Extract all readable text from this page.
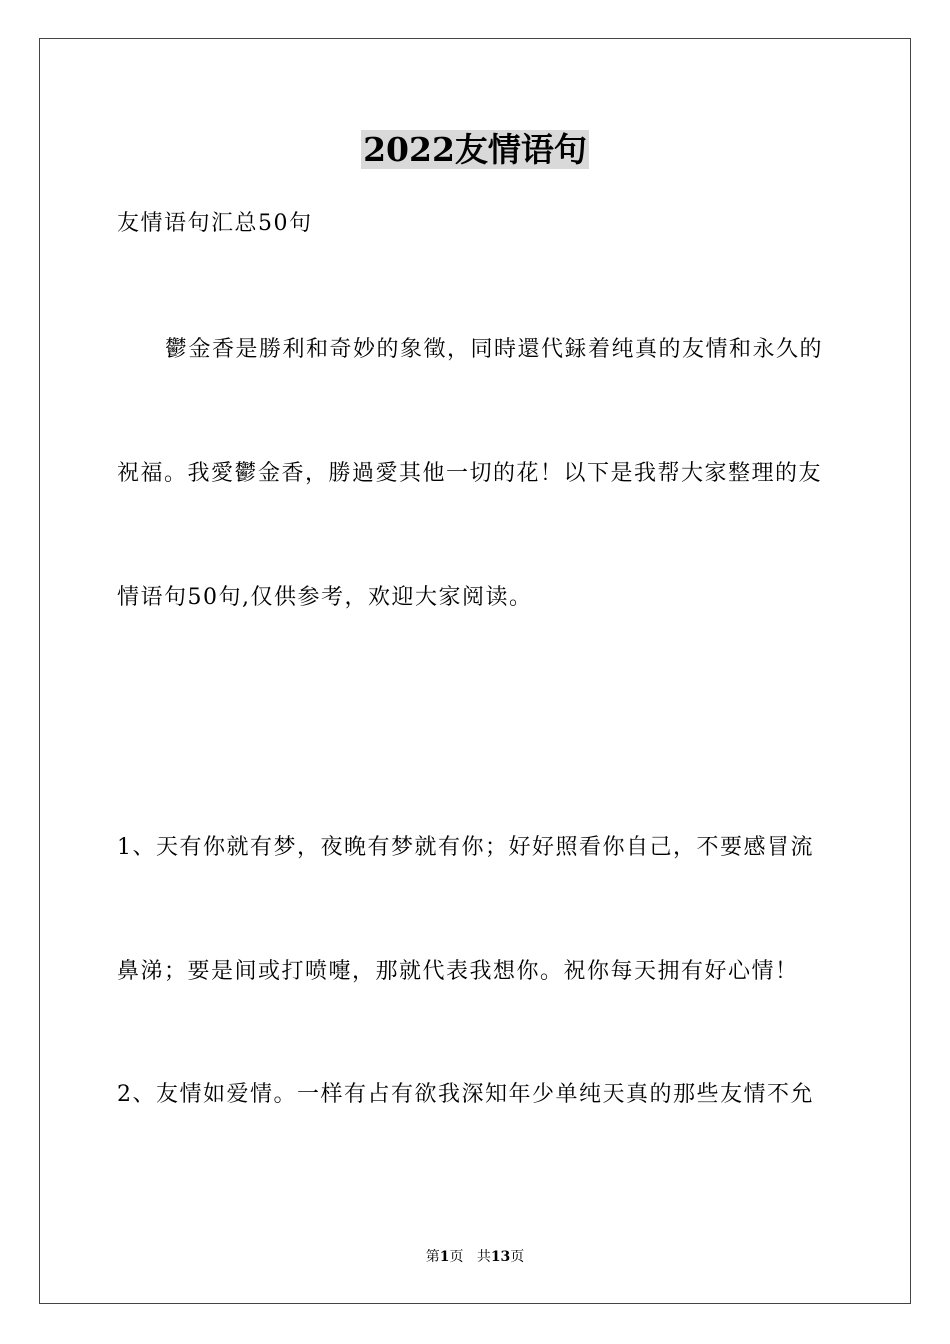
2022友情语句
友情语句汇总50句
鬱金香是勝利和奇妙的象徵，同時還代銾着纯真的友情和永久的
祝福。我愛鬱金香，勝過愛其他一切的花！以下是我帮大家整理的友
情语句50句,仅供参考，欢迎大家阅读。
1、天有你就有梦，夜晚有梦就有你；好好照看你自己，不要感冒流
鼻涕；要是间或打喷嚏，那就代表我想你。祝你每天拥有好心情！
2、友情如爱情。一样有占有欲我深知年少单纯天真的那些友情不允
第1页 共13页
